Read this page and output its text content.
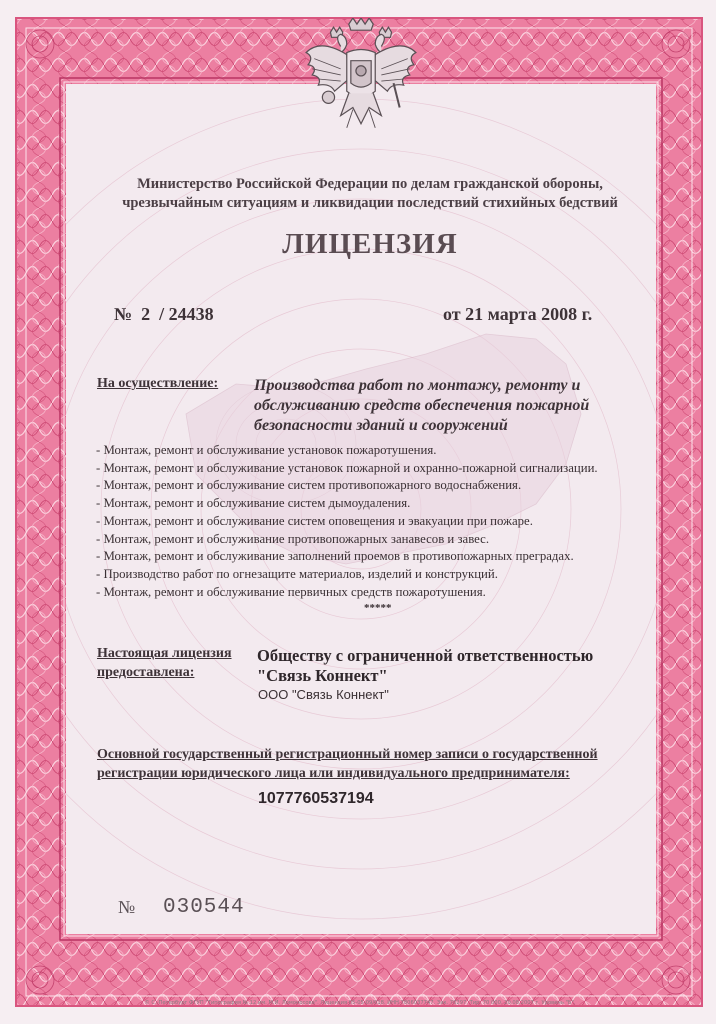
Министерство Российской Федерации по делам гражданской обороны,
чрезвычайным ситуациям и ликвидации последствий стихийных бедствий
ЛИЦЕНЗИЯ
№  2  / 24438	от 21 марта 2008 г.
На осуществление: Производства работ по монтажу, ремонту и
обслуживанию средств обеспечения пожарной
безопасности зданий и сооружений
- Монтаж, ремонт и обслуживание установок пожаротушения.
- Монтаж, ремонт и обслуживание установок пожарной и охранно-пожарной сигнализации.
- Монтаж, ремонт и обслуживание систем противопожарного водоснабжения.
- Монтаж, ремонт и обслуживание систем дымоудаления.
- Монтаж, ремонт и обслуживание систем оповещения и эвакуации при пожаре.
- Монтаж, ремонт и обслуживание противопожарных занавесов и завес.
- Монтаж, ремонт и обслуживание заполнений проемов в противопожарных преградах.
- Производство работ по огнезащите материалов, изделий и конструкций.
- Монтаж, ремонт и обслуживание первичных средств пожаротушения.
*****
Настоящая лицензия
предоставлена:
Обществу с ограниченной ответственностью
"Связь Коннект"
ООО "Связь Коннект"
Основной государственный регистрационный номер записи о государственной
регистрации юридического лица или индивидуального предпринимателя:
1077760537194
№ 030544
© С.-Петербург ФГУП "Типография № 12 им. М.И. Ломоносова". Лицензия 05-05-09/018. ИНН 7806037747. Зак. 70297. Тир. 70 000. 20.08.2007 г. Уровень "Б".
